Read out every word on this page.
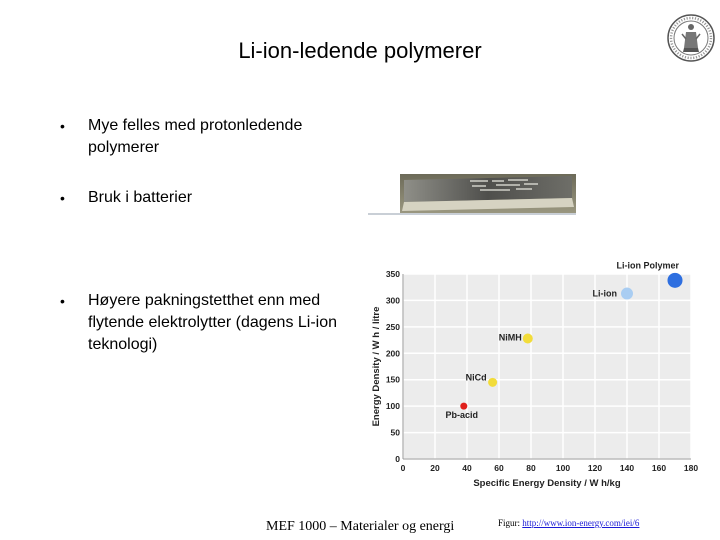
Li-ion-ledende polymerer
• Mye felles med protonledende polymerer
• Bruk i batterier
• Høyere pakningstetthet enn med flytende elektrolytter (dagens Li-ion teknologi)
0	20	40	60	80 100 120 140 160 180
0
50
100
150
200
250
300
350
Specific Energy Density / W h/kg
Energy Density / W h / litre	Pb-acid
NiCd
NiMH
Li-ion
Li-ion Polymer
MEF 1000 – Materialer og energi	Figur: http://www.ion-energy.com/iei/6
